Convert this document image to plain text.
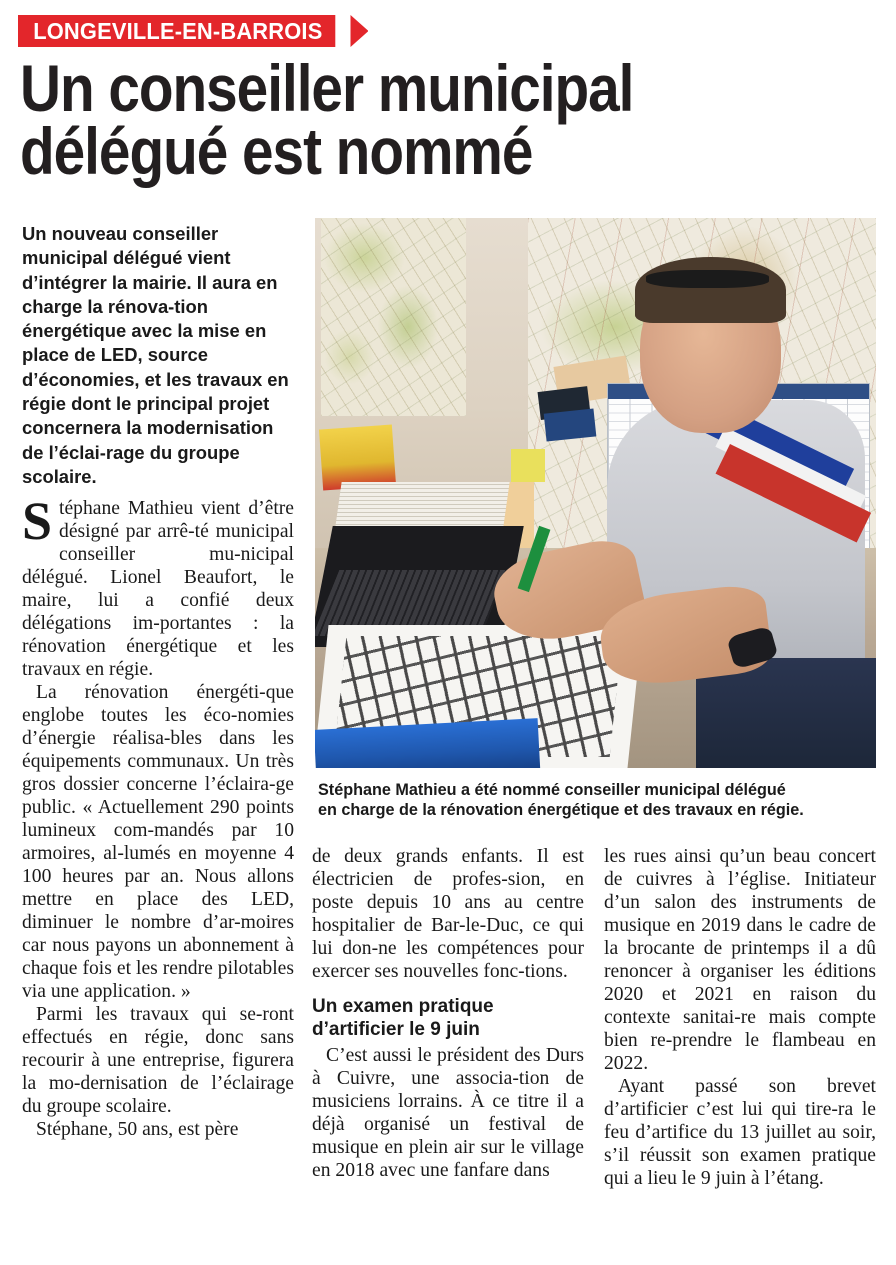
LONGEVILLE-EN-BARROIS
Un conseiller municipal
délégué est nommé
Un nouveau conseiller municipal délégué vient d’intégrer la mairie. Il aura en charge la rénova-tion énergétique avec la mise en place de LED, source d’économies, et les travaux en régie dont le principal projet concernera la modernisation de l’éclai-rage du groupe scolaire.
Stéphane Mathieu a été nommé conseiller municipal délégué
en charge de la rénovation énergétique et des travaux en régie.

Stéphane Mathieu vient d’être désigné par arrê-té municipal conseiller mu-nicipal délégué. Lionel Beaufort, le maire, lui a confié deux délégations im-portantes : la rénovation énergétique et les travaux en régie.

La rénovation énergéti-que englobe toutes les éco-nomies d’énergie réalisa-bles dans les équipements communaux. Un très gros dossier concerne l’éclaira-ge public. « Actuellement 290 points lumineux com-mandés par 10 armoires, al-lumés en moyenne 4 100 heures par an. Nous allons mettre en place des LED, diminuer le nombre d’ar-moires car nous payons un abonnement à chaque fois et les rendre pilotables via une application. »

Parmi les travaux qui se-ront effectués en régie, donc sans recourir à une entreprise, figurera la mo-dernisation de l’éclairage du groupe scolaire.

Stéphane, 50 ans, est père

de deux grands enfants. Il est électricien de profes-sion, en poste depuis 10 ans au centre hospitalier de Bar-le-Duc, ce qui lui don-ne les compétences pour exercer ses nouvelles fonc-tions.

Un examen pratique
d’artificier le 9 juin

C’est aussi le président des Durs à Cuivre, une associa-tion de musiciens lorrains. À ce titre il a déjà organisé un festival de musique en plein air sur le village en 2018 avec une fanfare dans

les rues ainsi qu’un beau concert de cuivres à l’église. Initiateur d’un salon des instruments de musique en 2019 dans le cadre de la brocante de printemps il a dû renoncer à organiser les éditions 2020 et 2021 en raison du contexte sanitai-re mais compte bien re-prendre le flambeau en 2022.

Ayant passé son brevet d’artificier c’est lui qui tire-ra le feu d’artifice du 13 juillet au soir, s’il réussit son examen pratique qui a lieu le 9 juin à l’étang.
